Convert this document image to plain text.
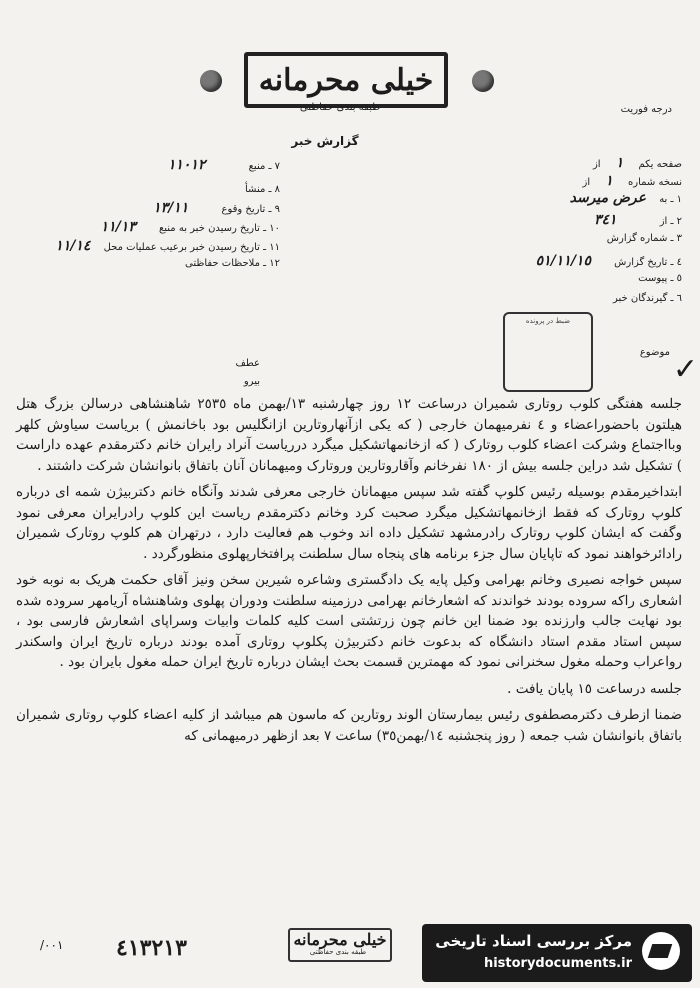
خیلی محرمانه
طبقه بندی حفاظتی
گزارش خبر
درجه فوریت
٧ ـ منبع ١١٠١٢
٨ ـ منشأ
٩ ـ تاریخ وقوع ١٣/١١
١٠ ـ تاریخ رسیدن خبر به منبع ١١/١٣
١١ ـ تاریخ رسیدن خبر برعیب عملیات محل ١١/١٤
١٢ ـ ملاحظات حفاظتی
صفحه یکم ١ از
نسخه شماره ١ از
١ ـ به عرض میرسد
٢ ـ از ٣٤١
٣ ـ شماره گزارش
٤ ـ تاریخ گزارش ٥١/١١/١٥
٥ ـ پیوست
٦ ـ گیرندگان خبر
ضبط در پرونده
موضوع
عطف
بیرو	✓

جلسه هفتگی کلوب روتاری شمیران درساعت ١٢ روز چهارشنبه ١٣/بهمن ماه ٢٥٣٥ شاهنشاهی درسالن بزرگ هتل هیلتون باحضوراعضاء و ٤ نفرمیهمان خارجی ( که یکی ازآنهاروتارین ازانگلیس بود باخانمش ) بریاست سیاوش کلهر وبااجتماع وشرکت اعضاء کلوب روتارک ( که ازخانمهاتشکیل میگرد درریاست آنراد رایران خانم دکترمقدم عهده داراست ) تشکیل شد دراین جلسه بیش از ١٨٠ نفرخانم وآقاروتارین وروتارک ومیهمانان آنان باتفاق بانوانشان شرکت داشتند .

ابتداخیرمقدم بوسیله رئیس کلوپ گفته شد سپس میهمانان خارجی معرفی شدند وآنگاه خانم دکتربیژن شمه ای درباره کلوپ روتارک که فقط ازخانمهاتشکیل میگرد صحبت کرد وخانم دکترمقدم ریاست این کلوپ رادرایران معرفی نمود وگفت که ایشان کلوپ روتارک رادرمشهد تشکیل داده اند وخوب هم فعالیت دارد ، درتهران هم کلوپ روتارک شمیران رادائرخواهند نمود که تاپایان سال جزء برنامه های پنجاه سال سلطنت پرافتخارپهلوی منظورگردد .

سپس خواجه نصیری وخانم بهرامی وکیل پایه یک دادگستری وشاعره شیرین سخن ونیز آقای حکمت هریک به نوبه خود اشعاری راکه سروده بودند خواندند که اشعارخانم بهرامی درزمینه سلطنت ودوران پهلوی وشاهنشاه آریامهر سروده شده بود نهایت جالب وارزنده بود ضمنا این خانم چون زرتشتی است کلیه کلمات وابیات وسراپای اشعارش فارسی بود ، سپس استاد مقدم استاد دانشگاه که بدعوت خانم دکتربیژن پکلوپ روتاری آمده بودند درباره تاریخ ایران واسکندر رواعراب وحمله مغول سخنرانی نمود که مهمترین قسمت بحث ایشان درباره تاریخ ایران حمله مغول بایران بود .

جلسه درساعت ١٥ پایان یافت .

ضمنا ازطرف دکترمصطفوی رئیس بیمارستان الوند روتارین که ماسون هم میباشد از کلیه اعضاء کلوپ روتاری شمیران باتفاق بانوانشان شب جمعه ( روز پنجشنبه ١٤/بهمن٣٥) ساعت ٧ بعد ازظهر درمیهمانی که

٠٠١/ ٤١٣٢١٣	خیلی محرمانه
طبقه بندی حفاظتی
مرکز بررسی اسناد تاریخی
historydocuments.ir
